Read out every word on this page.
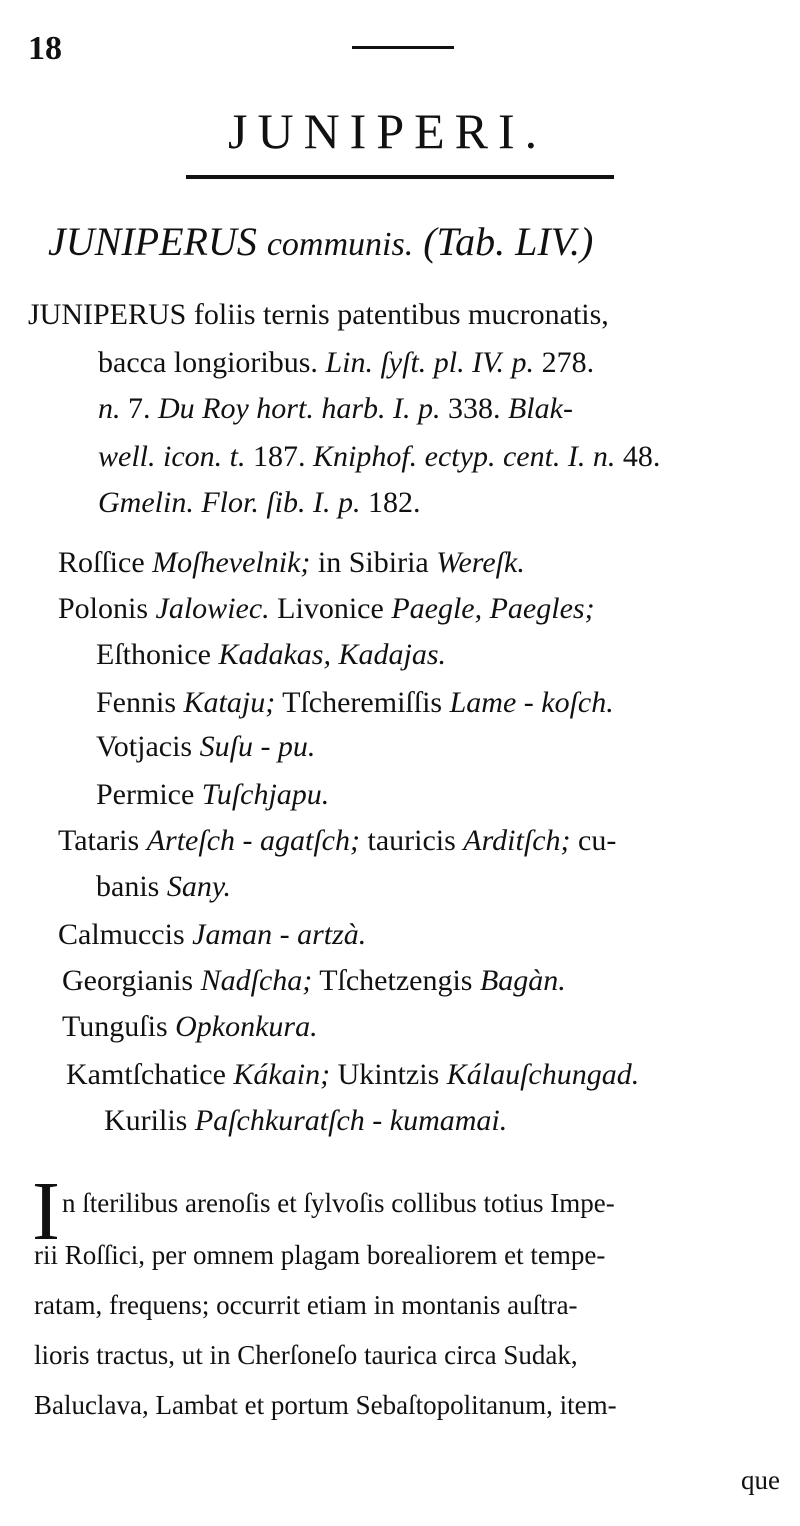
18
JUNIPERI.
JUNIPERUS communis. (Tab. LIV.)
JUNIPERUS foliis ternis patentibus mucronatis,
bacca longioribus. Lin. ſyſt. pl. IV. p. 278.
n. 7. Du Roy hort. harb. I. p. 338. Blak-
well. icon. t. 187. Kniphof. ectyp. cent. I. n. 48.
Gmelin. Flor. ſib. I. p. 182.
Roſſice Moſhevelnik; in Sibiria Wereſk.
Polonis Jalowiec. Livonice Paegle, Paegles;
Eſthonice Kadakas, Kadajas.
Fennis Kataju; Tſcheremiſſis Lame - koſch.
Votjacis Suſu - pu.
Permice Tuſchjapu.
Tataris Arteſch - agatſch; tauricis Arditſch; cu-
banis Sany.
Calmuccis Jaman - artzà.
Georgianis Nadſcha; Tſchetzengis Bagàn.
Tunguſis Opkonkura.
Kamtſchatice Kákain; Ukintzis Kálauſchungad.
Kurilis Paſchkuratſch - kumamai.
I n ſterilibus arenoſis et ſylvoſis collibus totius Impe-
rii Roſſici, per omnem plagam borealiorem et tempe-
ratam, frequens; occurrit etiam in montanis auſtra-
lioris tractus, ut in Cherſoneſo taurica circa Sudak,
Baluclava, Lambat et portum Sebaſtopolitanum, item-
que
